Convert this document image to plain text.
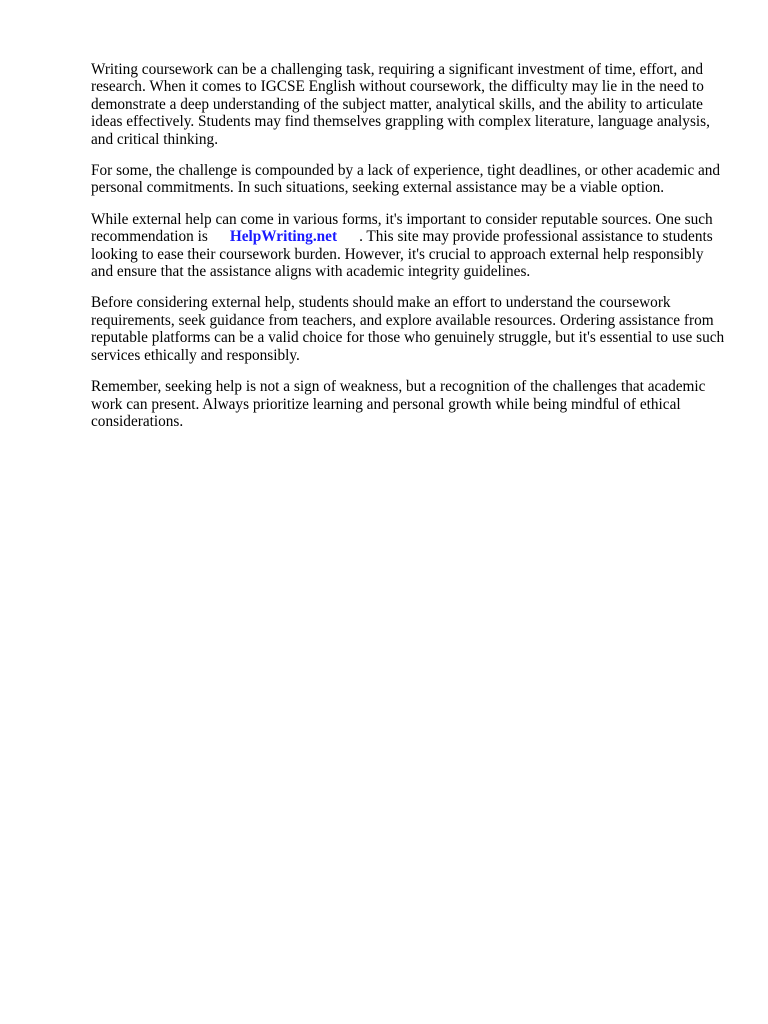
Writing coursework can be a challenging task, requiring a significant investment of time, effort, and research. When it comes to IGCSE English without coursework, the difficulty may lie in the need to demonstrate a deep understanding of the subject matter, analytical skills, and the ability to articulate ideas effectively. Students may find themselves grappling with complex literature, language analysis, and critical thinking.

For some, the challenge is compounded by a lack of experience, tight deadlines, or other academic and personal commitments. In such situations, seeking external assistance may be a viable option.

While external help can come in various forms, it's important to consider reputable sources. One such recommendation is HelpWriting.net . This site may provide professional assistance to students looking to ease their coursework burden. However, it's crucial to approach external help responsibly and ensure that the assistance aligns with academic integrity guidelines.

Before considering external help, students should make an effort to understand the coursework requirements, seek guidance from teachers, and explore available resources. Ordering assistance from reputable platforms can be a valid choice for those who genuinely struggle, but it's essential to use such services ethically and responsibly.

Remember, seeking help is not a sign of weakness, but a recognition of the challenges that academic work can present. Always prioritize learning and personal growth while being mindful of ethical considerations.
